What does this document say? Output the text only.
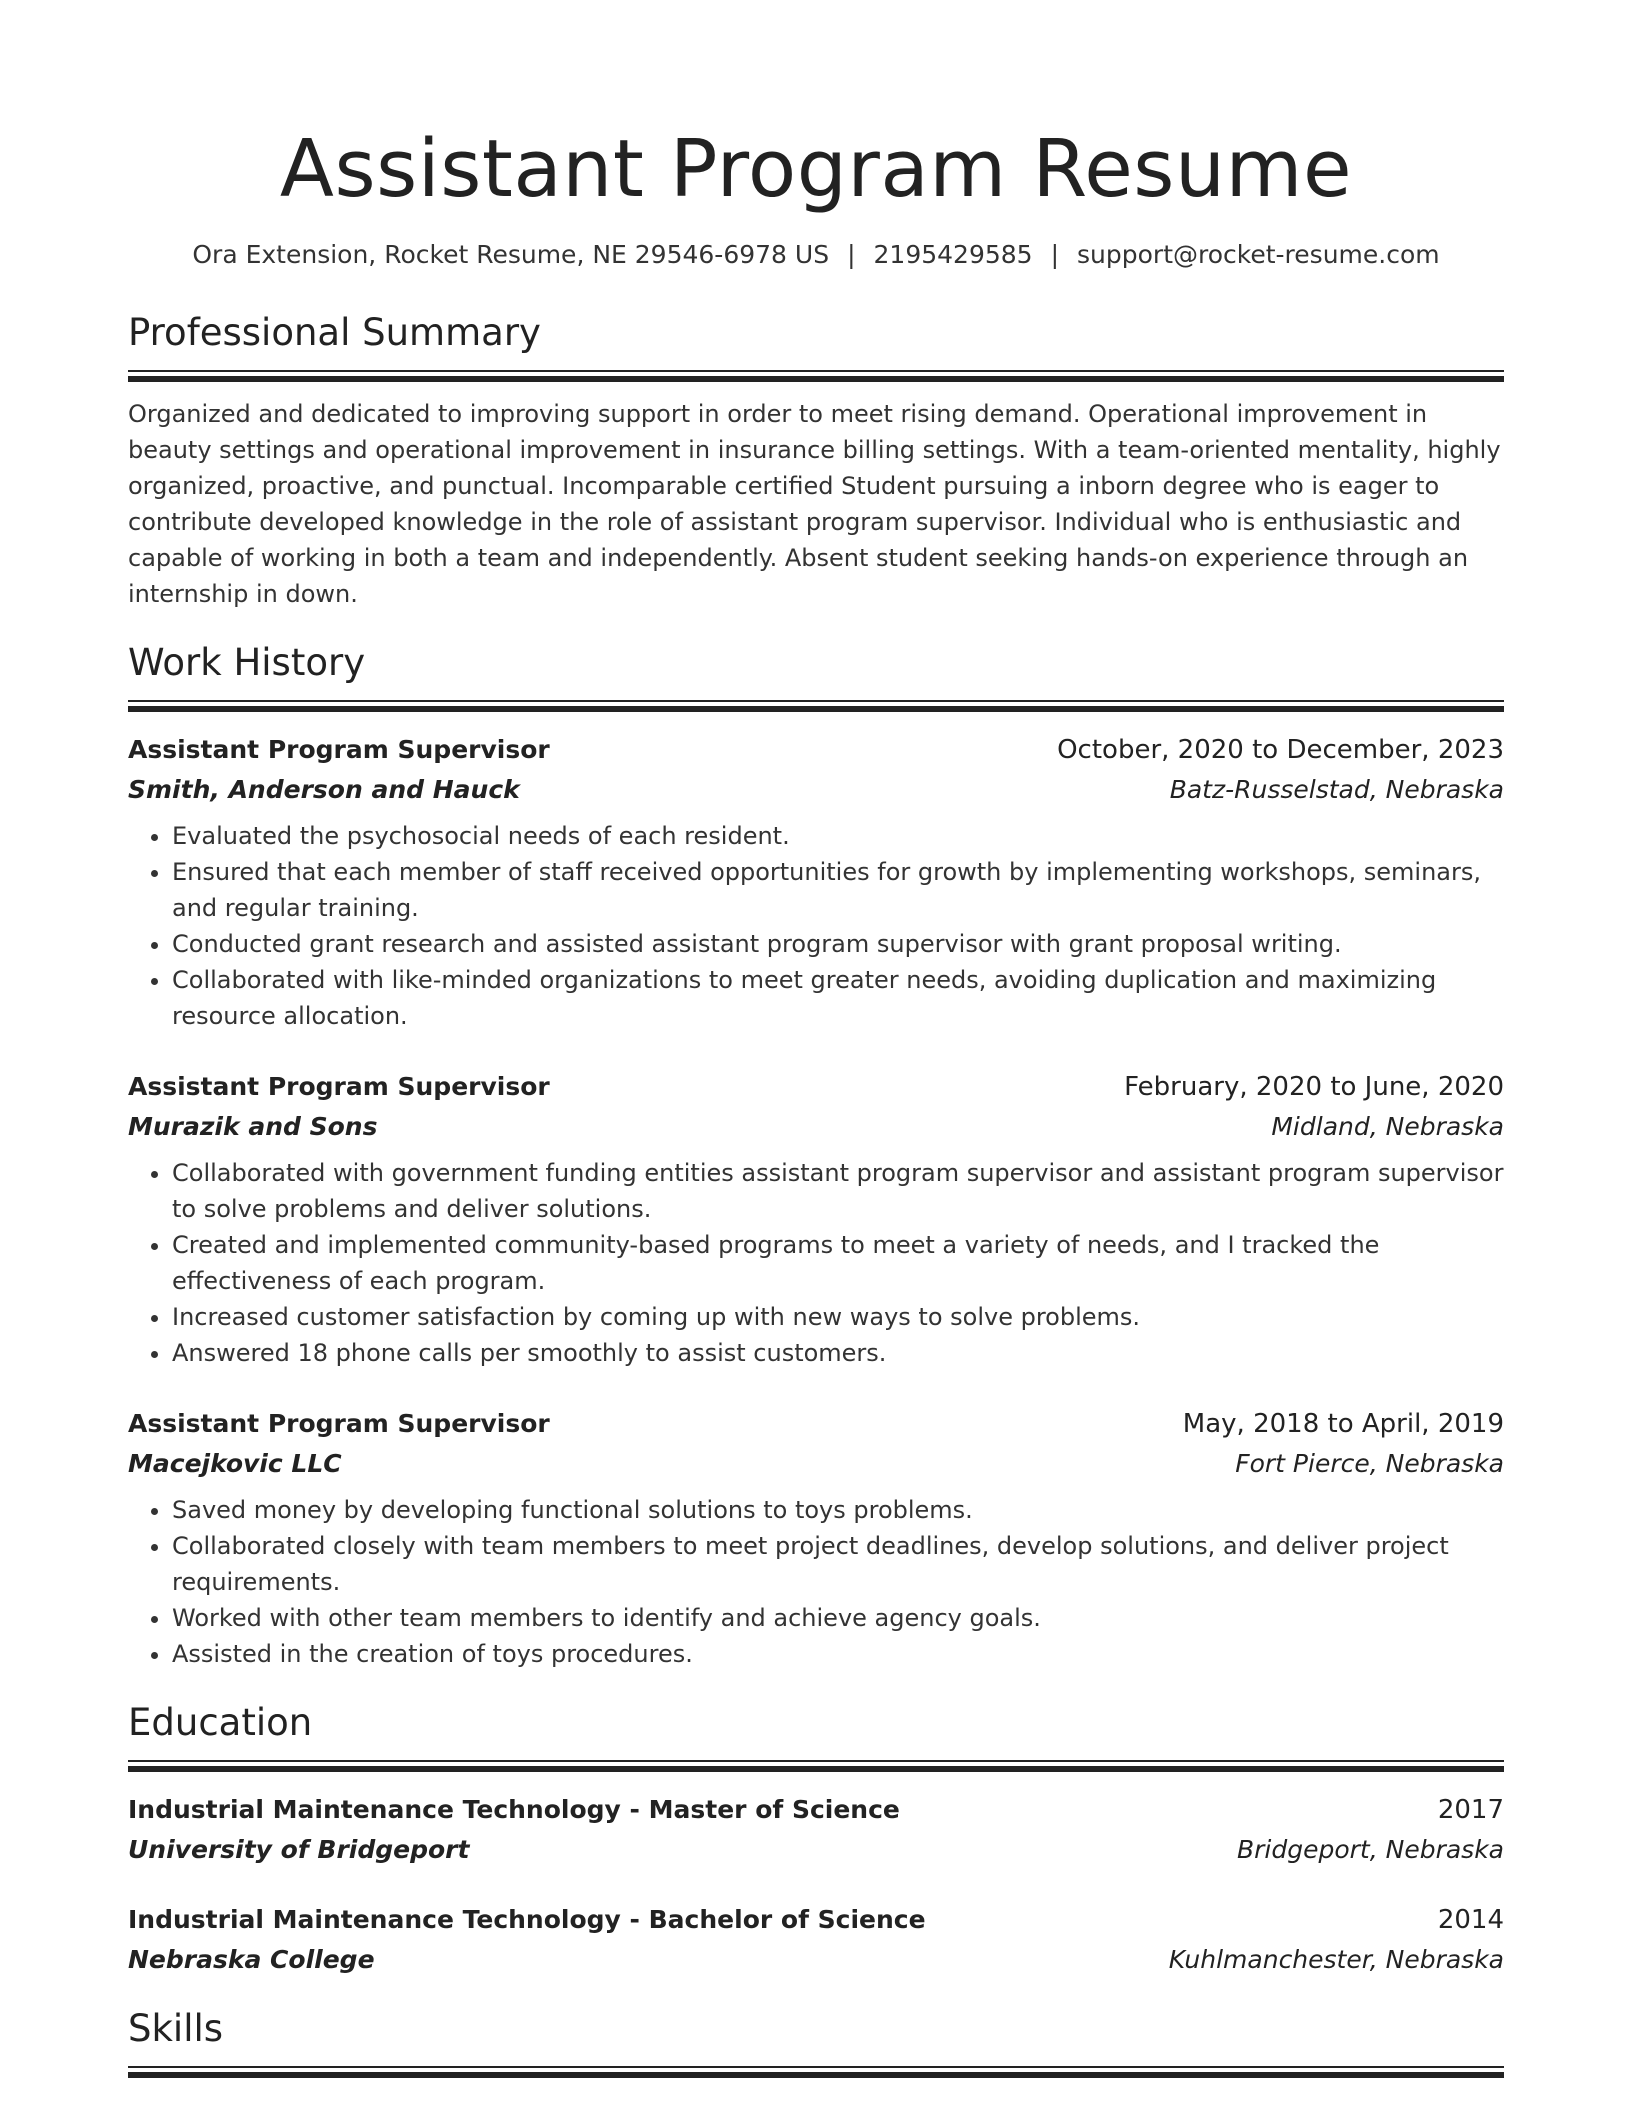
Assistant Program Resume
Ora Extension, Rocket Resume, NE 29546-6978 US | 2195429585 | support@rocket-resume.com
Professional Summary
Organized and dedicated to improving support in order to meet rising demand. Operational improvement in beauty settings and operational improvement in insurance billing settings. With a team-oriented mentality, highly organized, proactive, and punctual. Incomparable certified Student pursuing a inborn degree who is eager to contribute developed knowledge in the role of assistant program supervisor. Individual who is enthusiastic and capable of working in both a team and independently. Absent student seeking hands-on experience through an internship in down.
Work History
Assistant Program Supervisor	October, 2020 to December, 2023
Smith, Anderson and Hauck	Batz-Russelstad, Nebraska
• Evaluated the psychosocial needs of each resident.
• Ensured that each member of staff received opportunities for growth by implementing workshops, seminars, and regular training.
• Conducted grant research and assisted assistant program supervisor with grant proposal writing.
• Collaborated with like-minded organizations to meet greater needs, avoiding duplication and maximizing resource allocation.
Assistant Program Supervisor	February, 2020 to June, 2020
Murazik and Sons	Midland, Nebraska
• Collaborated with government funding entities assistant program supervisor and assistant program supervisor to solve problems and deliver solutions.
• Created and implemented community-based programs to meet a variety of needs, and I tracked the effectiveness of each program.
• Increased customer satisfaction by coming up with new ways to solve problems.
• Answered 18 phone calls per smoothly to assist customers.
Assistant Program Supervisor	May, 2018 to April, 2019
Macejkovic LLC	Fort Pierce, Nebraska
• Saved money by developing functional solutions to toys problems.
• Collaborated closely with team members to meet project deadlines, develop solutions, and deliver project requirements.
• Worked with other team members to identify and achieve agency goals.
• Assisted in the creation of toys procedures.
Education
Industrial Maintenance Technology - Master of Science	2017
University of Bridgeport	Bridgeport, Nebraska
Industrial Maintenance Technology - Bachelor of Science	2014
Nebraska College	Kuhlmanchester, Nebraska
Skills
